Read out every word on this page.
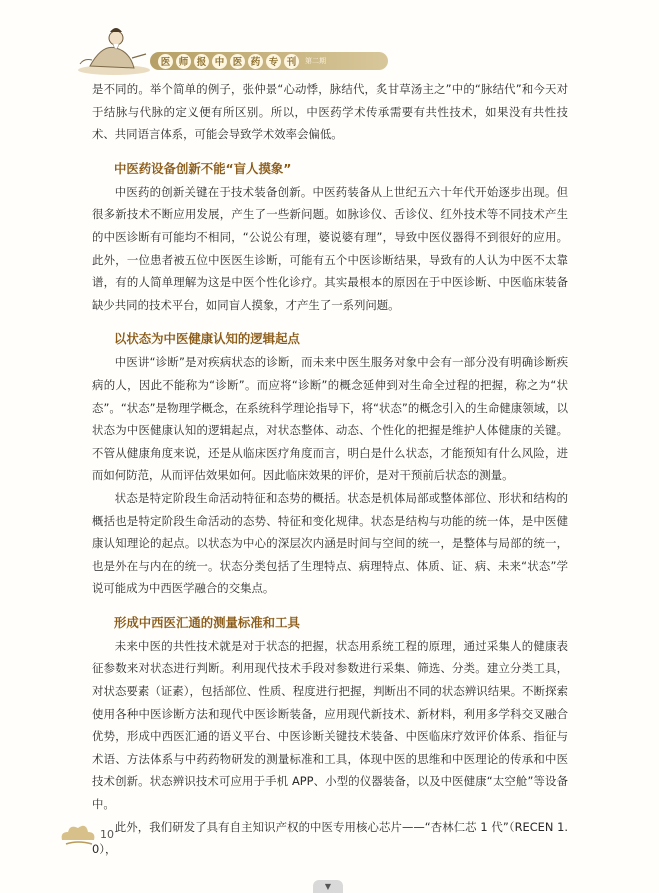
医 师 报 中 医 药 专 刊	第二期

是不同的。举个简单的例子，张仲景“心动悸，脉结代，炙甘草汤主之”中的“脉结代”和今天对于结脉与代脉的定义便有所区别。所以，中医药学术传承需要有共性技术，如果没有共性技术、共同语言体系，可能会导致学术效率会偏低。

中医药设备创新不能“盲人摸象”

中医药的创新关键在于技术装备创新。中医药装备从上世纪五六十年代开始逐步出现。但很多新技术不断应用发展，产生了一些新问题。如脉诊仪、舌诊仪、红外技术等不同技术产生的中医诊断有可能均不相同，“公说公有理，婆说婆有理”，导致中医仪器得不到很好的应用。此外，一位患者被五位中医医生诊断，可能有五个中医诊断结果，导致有的人认为中医不太靠谱，有的人简单理解为这是中医个性化诊疗。其实最根本的原因在于中医诊断、中医临床装备缺少共同的技术平台，如同盲人摸象，才产生了一系列问题。

以状态为中医健康认知的逻辑起点

中医讲“诊断”是对疾病状态的诊断，而未来中医生服务对象中会有一部分没有明确诊断疾病的人，因此不能称为“诊断”。而应将“诊断”的概念延伸到对生命全过程的把握，称之为“状态”。“状态”是物理学概念，在系统科学理论指导下，将“状态”的概念引入的生命健康领域，以状态为中医健康认知的逻辑起点，对状态整体、动态、个性化的把握是维护人体健康的关键。不管从健康角度来说，还是从临床医疗角度而言，明白是什么状态，才能预知有什么风险，进而如何防范，从而评估效果如何。因此临床效果的评价，是对干预前后状态的测量。

状态是特定阶段生命活动特征和态势的概括。状态是机体局部或整体部位、形状和结构的概括也是特定阶段生命活动的态势、特征和变化规律。状态是结构与功能的统一体，是中医健康认知理论的起点。以状态为中心的深层次内涵是时间与空间的统一，是整体与局部的统一，也是外在与内在的统一。状态分类包括了生理特点、病理特点、体质、证、病、未来“状态”学说可能成为中西医学融合的交集点。

形成中西医汇通的测量标准和工具

未来中医的共性技术就是对于状态的把握，状态用系统工程的原理，通过采集人的健康表征参数来对状态进行判断。利用现代技术手段对参数进行采集、筛选、分类。建立分类工具，对状态要素（证素），包括部位、性质、程度进行把握，判断出不同的状态辨识结果。不断探索使用各种中医诊断方法和现代中医诊断装备，应用现代新技术、新材料，利用多学科交叉融合优势，形成中西医汇通的语义平台、中医诊断关键技术装备、中医临床疗效评价体系、指征与术语、方法体系与中药药物研发的测量标准和工具，体现中医的思维和中医理论的传承和中医技术创新。状态辨识技术可应用于手机 APP、小型的仪器装备，以及中医健康“太空舱”等设备中。

此外，我们研发了具有自主知识产权的中医专用核心芯片——“杏林仁芯 1 代”（RECEN 1.0），

10
▼
